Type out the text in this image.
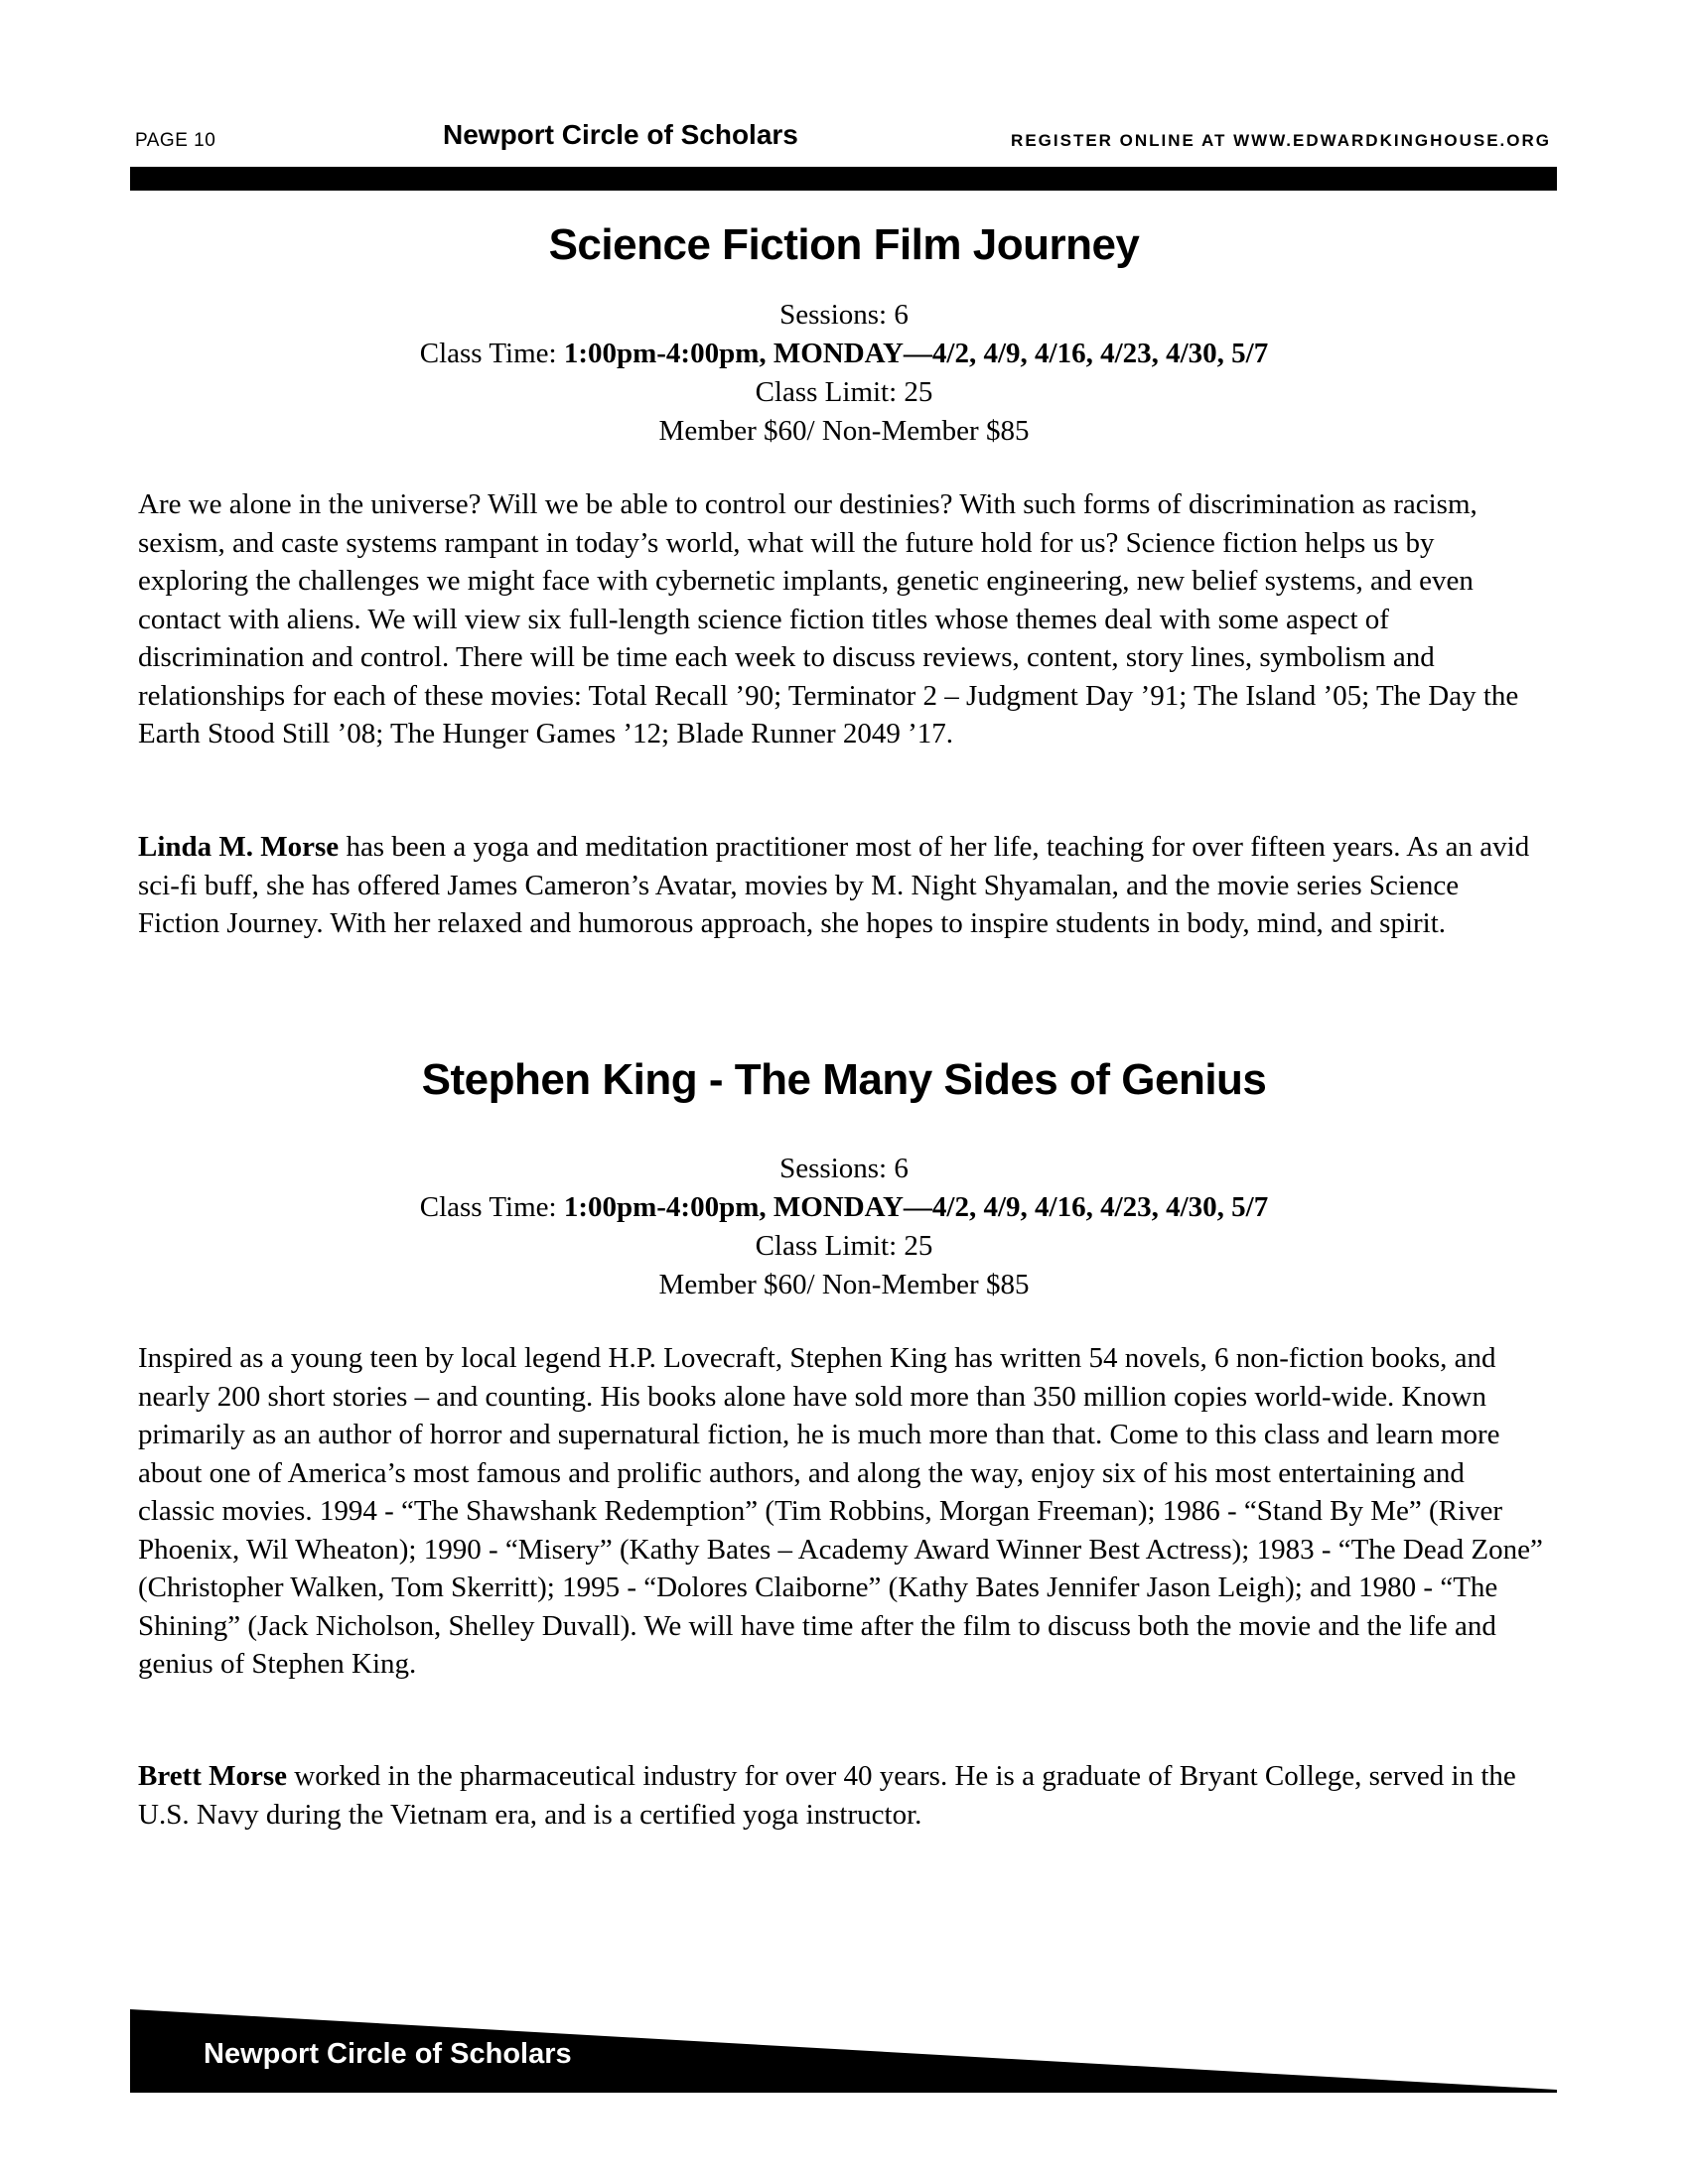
PAGE 10	Newport Circle of Scholars	REGISTER ONLINE AT WWW.EDWARDKINGHOUSE.ORG
Science Fiction Film Journey
Sessions: 6
Class Time: 1:00pm-4:00pm, MONDAY—4/2, 4/9, 4/16, 4/23, 4/30, 5/7
Class Limit: 25
Member $60/ Non-Member $85

Are we alone in the universe? Will we be able to control our destinies? With such forms of discrimination as racism, sexism, and caste systems rampant in today’s world, what will the future hold for us? Science fiction helps us by exploring the challenges we might face with cybernetic implants, genetic engineering, new belief systems, and even contact with aliens. We will view six full-length science fiction titles whose themes deal with some aspect of discrimination and control. There will be time each week to discuss reviews, content, story lines, symbolism and relationships for each of these movies: Total Recall ’90; Terminator 2 – Judgment Day ’91; The Island ’05; The Day the Earth Stood Still ’08; The Hunger Games ’12; Blade Runner 2049 ’17.

Linda M. Morse has been a yoga and meditation practitioner most of her life, teaching for over fifteen years. As an avid sci-fi buff, she has offered James Cameron’s Avatar, movies by M. Night Shyamalan, and the movie series Science Fiction Journey. With her relaxed and humorous approach, she hopes to inspire students in body, mind, and spirit.

Stephen King - The Many Sides of Genius
Sessions: 6
Class Time: 1:00pm-4:00pm, MONDAY—4/2, 4/9, 4/16, 4/23, 4/30, 5/7
Class Limit: 25
Member $60/ Non-Member $85

Inspired as a young teen by local legend H.P. Lovecraft, Stephen King has written 54 novels, 6 non-fiction books, and nearly 200 short stories – and counting. His books alone have sold more than 350 million copies world-wide. Known primarily as an author of horror and supernatural fiction, he is much more than that. Come to this class and learn more about one of America’s most famous and prolific authors, and along the way, enjoy six of his most entertaining and classic movies. 1994 - “The Shawshank Redemption” (Tim Robbins, Morgan Freeman); 1986 - “Stand By Me” (River Phoenix, Wil Wheaton); 1990 - “Misery” (Kathy Bates – Academy Award Winner Best Actress); 1983 - “The Dead Zone” (Christopher Walken, Tom Skerritt); 1995 - “Dolores Claiborne” (Kathy Bates Jennifer Jason Leigh); and 1980 - “The Shining” (Jack Nicholson, Shelley Duvall). We will have time after the film to discuss both the movie and the life and genius of Stephen King.

Brett Morse worked in the pharmaceutical industry for over 40 years. He is a graduate of Bryant College, served in the U.S. Navy during the Vietnam era, and is a certified yoga instructor.

Newport Circle of Scholars
